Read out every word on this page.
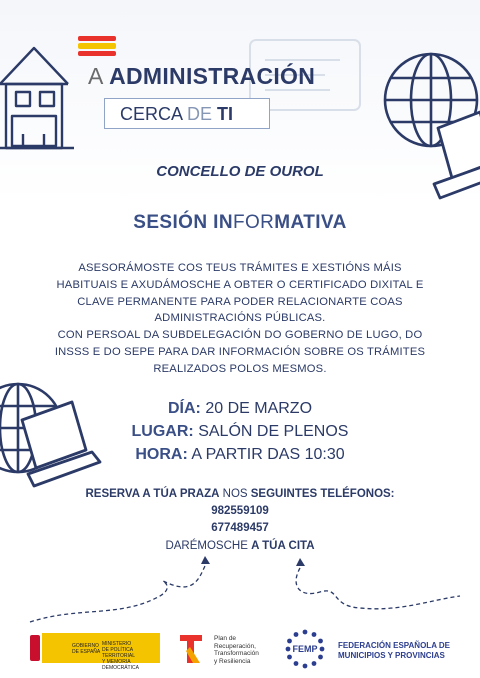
A ADMINISTRACIÓN
CERCA DE TI
CONCELLO DE OUROL
SESIÓN INFORMATIVA
ASESORÁMOSTE COS TEUS TRÁMITES E XESTIÓNS MÁIS
HABITUAIS E AXUDÁMOSCHE A OBTER O CERTIFICADO DIXITAL E
CLAVE PERMANENTE PARA PODER RELACIONARTE COAS
ADMINISTRACIÓNS PÚBLICAS.
CON PERSOAL DA SUBDELEGACIÓN DO GOBERNO DE LUGO, DO
INSSS E DO SEPE PARA DAR INFORMACIÓN SOBRE OS TRÁMITES
REALIZADOS POLOS MESMOS.
DÍA: 20 DE MARZO
LUGAR: SALÓN DE PLENOS
HORA: A PARTIR DAS 10:30
RESERVA A TÚA PRAZA NOS SEGUINTES TELÉFONOS:
982559109
677489457
DARÉMOSCHE A TÚA CITA
GOBIERNO
DE ESPAÑA
MINISTERIO
DE POLÍTICA TERRITORIAL
Y MEMORIA DEMOCRÁTICA
Plan de
Recuperación,
Transformación
y Resiliencia
FEMP	FEDERACIÓN ESPAÑOLA DE
MUNICIPIOS Y PROVINCIAS
